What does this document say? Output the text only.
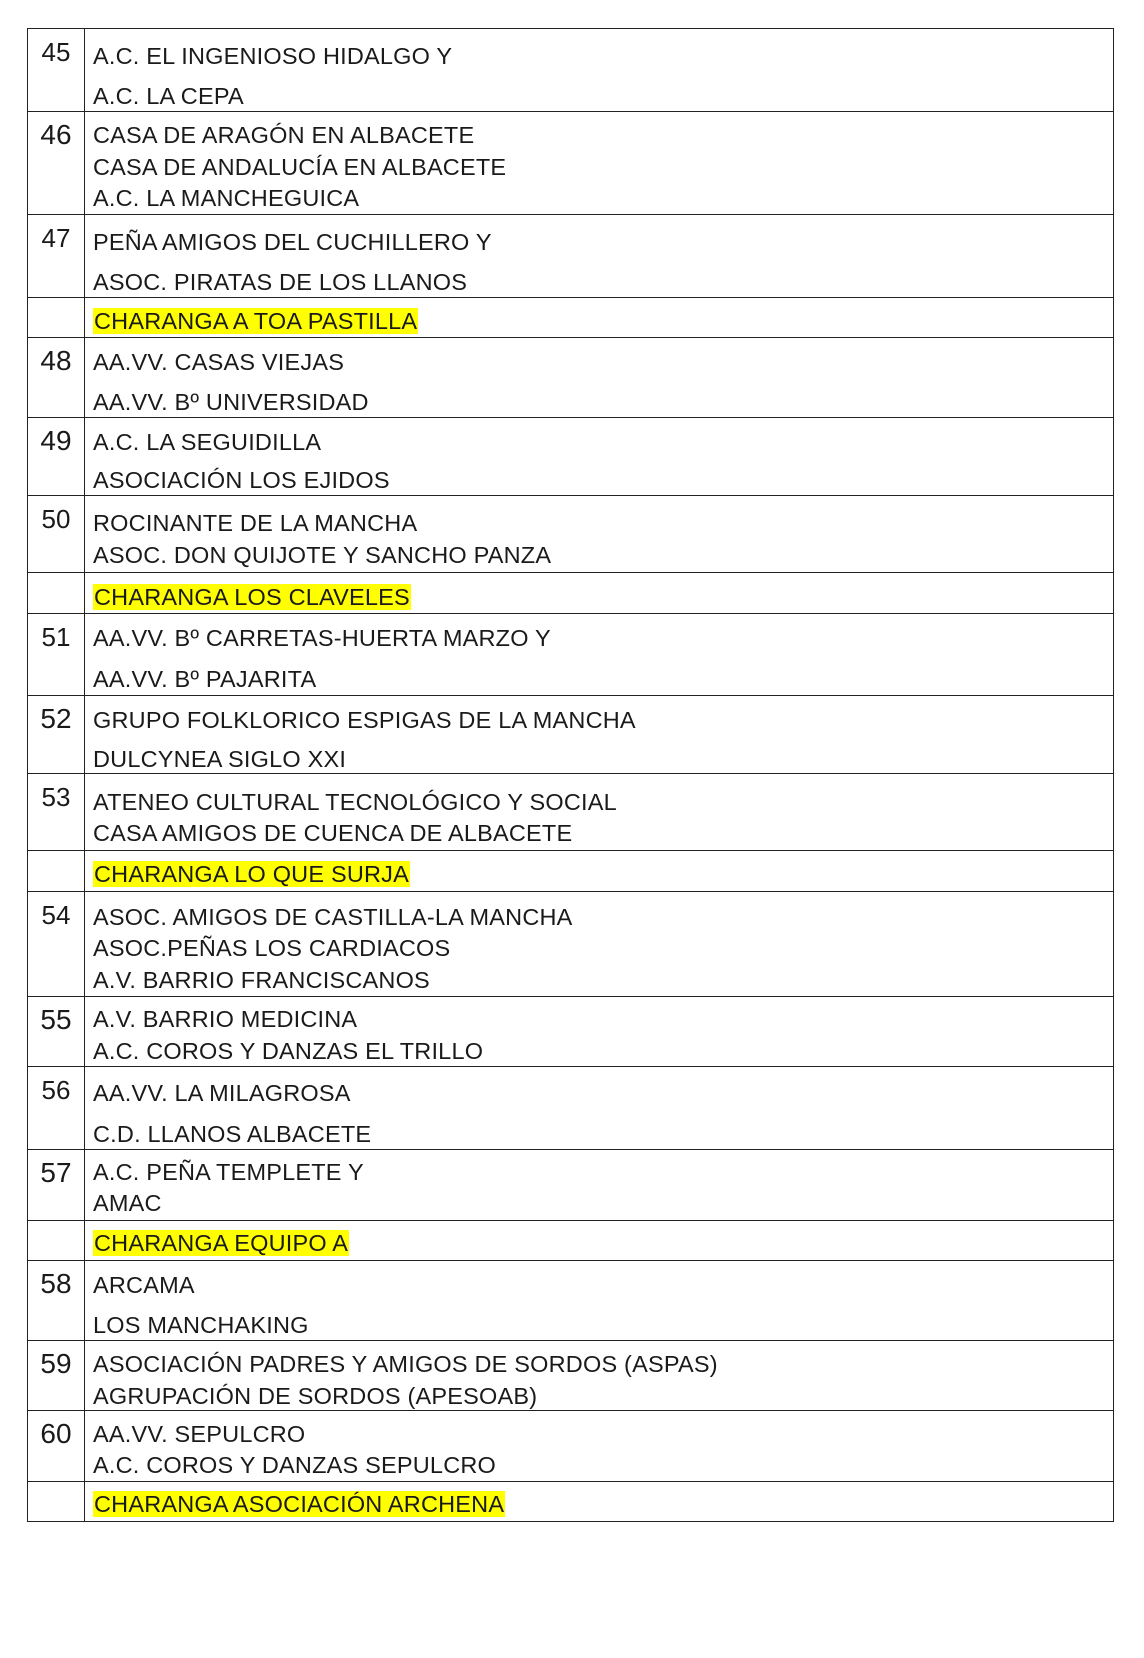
45	A.C. EL INGENIOSO HIDALGO Y
A.C. LA CEPA

46	CASA DE ARAGÓN EN ALBACETE
CASA DE ANDALUCÍA EN ALBACETE
A.C. LA MANCHEGUICA

47	PEÑA AMIGOS DEL CUCHILLERO Y
ASOC. PIRATAS DE LOS LLANOS

	CHARANGA A TOA PASTILLA

48	AA.VV. CASAS VIEJAS
AA.VV. Bº UNIVERSIDAD

49	A.C. LA SEGUIDILLA
ASOCIACIÓN LOS EJIDOS

50	ROCINANTE DE LA MANCHA
ASOC. DON QUIJOTE Y SANCHO PANZA

	CHARANGA LOS CLAVELES

51	AA.VV. Bº CARRETAS-HUERTA MARZO Y
AA.VV. Bº PAJARITA

52	GRUPO FOLKLORICO ESPIGAS DE LA MANCHA
DULCYNEA SIGLO XXI

53	ATENEO CULTURAL TECNOLÓGICO Y SOCIAL
CASA AMIGOS DE CUENCA DE ALBACETE

	CHARANGA LO QUE SURJA

54	ASOC. AMIGOS DE CASTILLA-LA MANCHA
ASOC.PEÑAS LOS CARDIACOS
A.V. BARRIO FRANCISCANOS

55	A.V. BARRIO MEDICINA
A.C. COROS Y DANZAS EL TRILLO

56	AA.VV. LA MILAGROSA
C.D. LLANOS ALBACETE

57	A.C. PEÑA TEMPLETE Y
AMAC

	CHARANGA EQUIPO A

58	ARCAMA
LOS MANCHAKING

59	ASOCIACIÓN PADRES Y AMIGOS DE SORDOS (ASPAS)
AGRUPACIÓN DE SORDOS (APESOAB)

60	AA.VV. SEPULCRO
A.C. COROS Y DANZAS SEPULCRO

	CHARANGA ASOCIACIÓN ARCHENA
